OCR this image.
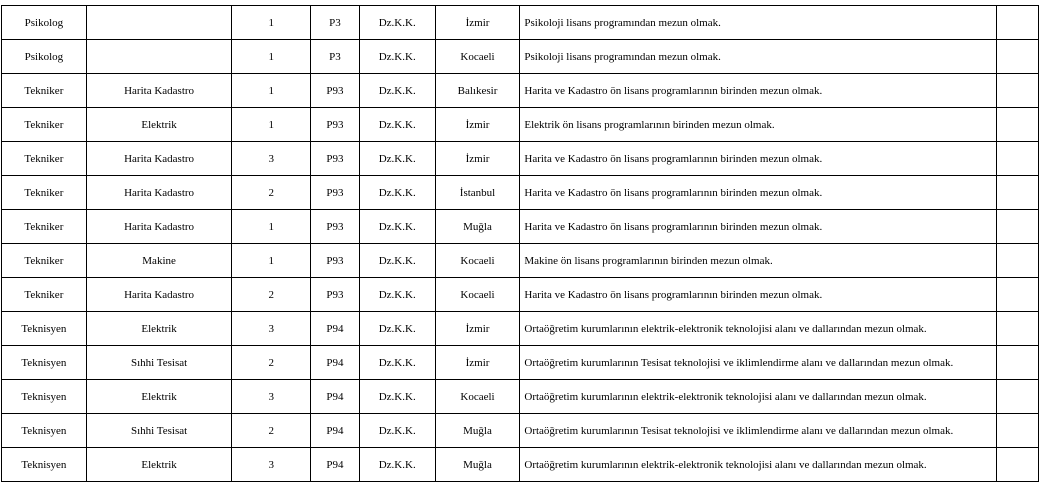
Psikolog		1	P3	Dz.K.K.	İzmir	Psikoloji lisans programından mezun olmak.	
Psikolog		1	P3	Dz.K.K.	Kocaeli	Psikoloji lisans programından mezun olmak.	
Tekniker	Harita Kadastro	1	P93	Dz.K.K.	Balıkesir	Harita ve Kadastro ön lisans programlarının birinden mezun olmak.	
Tekniker	Elektrik	1	P93	Dz.K.K.	İzmir	Elektrik ön lisans programlarının birinden mezun olmak.	
Tekniker	Harita Kadastro	3	P93	Dz.K.K.	İzmir	Harita ve Kadastro ön lisans programlarının birinden mezun olmak.	
Tekniker	Harita Kadastro	2	P93	Dz.K.K.	İstanbul	Harita ve Kadastro ön lisans programlarının birinden mezun olmak.	
Tekniker	Harita Kadastro	1	P93	Dz.K.K.	Muğla	Harita ve Kadastro ön lisans programlarının birinden mezun olmak.	
Tekniker	Makine	1	P93	Dz.K.K.	Kocaeli	Makine ön lisans programlarının birinden mezun olmak.	
Tekniker	Harita Kadastro	2	P93	Dz.K.K.	Kocaeli	Harita ve Kadastro ön lisans programlarının birinden mezun olmak.	
Teknisyen	Elektrik	3	P94	Dz.K.K.	İzmir	Ortaöğretim kurumlarının elektrik-elektronik teknolojisi alanı ve dallarından mezun olmak.	
Teknisyen	Sıhhi Tesisat	2	P94	Dz.K.K.	İzmir	Ortaöğretim kurumlarının Tesisat teknolojisi ve iklimlendirme alanı ve dallarından mezun olmak.	
Teknisyen	Elektrik	3	P94	Dz.K.K.	Kocaeli	Ortaöğretim kurumlarının elektrik-elektronik teknolojisi alanı ve dallarından mezun olmak.	
Teknisyen	Sıhhi Tesisat	2	P94	Dz.K.K.	Muğla	Ortaöğretim kurumlarının Tesisat teknolojisi ve iklimlendirme alanı ve dallarından mezun olmak.	
Teknisyen	Elektrik	3	P94	Dz.K.K.	Muğla	Ortaöğretim kurumlarının elektrik-elektronik teknolojisi alanı ve dallarından mezun olmak.	
